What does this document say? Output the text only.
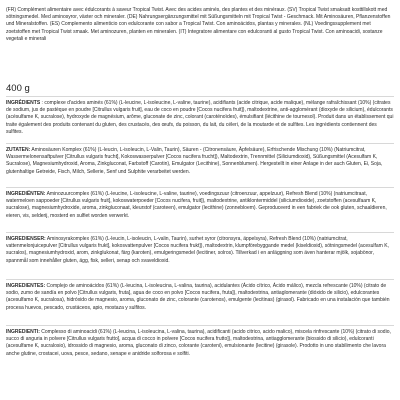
(FR) Complément alimentaire avec édulcorants à saveur Tropical Twist. Avec des acides aminés, des plantes et des minéraux. (SV) Tropical Twist smaksatt kosttillskott med sötningsmedel. Med aminosyror, växter och mineraler. (DE) Nahrungsergänzungsmittel mit Süßungsmitteln mit Tropical Twist - Geschmack. Mit Aminosäuren, Pflanzenstoffen und Mineralstoffen. (ES) Complemento alimenticio con edulcorante con sabor a Tropical Twist. Con aminoácidos, plantas y minerales. (NL) Voedingssupplement met zoetstoffen met Tropical Twist smaak. Met aminozuren, planten en mineralen. (IT) Integratore alimentare con edulcoranti al gusto Tropical Twist. Con aminoacidi, sostanze vegetali e minerali
400 g
INGRÉDIENTS : complexe d'acides aminés (61%) (L-leucine, L-isoleucine, L-valine, taurine), acidifiants (acide citrique, acide malique), mélange rafraîchissant (10%) (citrates de sodium, jus de pastèque en poudre [Citrullus vulgaris fruit], eau de coco en poudre [Cocos nucifera fruit]), maltodextrine, anti-agglomérant (dioxyde de silicium), édulcorants (acésulfame K, sucralose), hydroxyde de magnésium, arôme, gluconate de zinc, colorant (caroténoïdes), émulsifiant (lécithine de tournesol). Produit dans un établissement qui traite également des produits contenant du gluten, des crustacés, des œufs, du poisson, du lait, du céleri, de la moutarde et de sulfites. Les ingrédients contiennent des sulfites.
ZUTATEN: Aminosäuren Komplex (61%) (L-leucin, L-isoleucin, L-Valin, Taurin), Säuren - (Citronensäure, Äpfelsäure), Erfrischende Mischung (10%) (Natriumcitrat, Wassermelonensaftpulver [Citrullus vulgaris frucht], Kokoswasserpulver [Cocos nucifera frucht]), Maltodextrin, Trennmittel (Siliciumdioxid), Süßungsmittel (Acesulfam K, Sucralose), Magnesiumhydroxid, Aroma, Zinkgluconat, Farbstoff (Carotin), Emulgator (Lecithine), Sonnenblumen). Hergestellt in einer Anlage in der auch Gluten, Ei, Soja, glutenhaltige Getreide, Fisch, Milch, Sellerie, Senf und Sulphite verarbeitet werden.
INGREDIËNTEN: Aminozuurcomplex (61%) (L-leucine, L-isoleucine, L-valine, taurine), voedingszuur (citroenzuur, appelzuur), Refresh Blend (10%) (natriumcitraat, watermeloen sappoeder [Citrullus vulgaris fruit], kokoswaterpoeder [Cocos nucifera, fruit]), maltodextrine, antiklontermiddel (siliciumdioxide), zoetstoffen (acesulfaam K, sucralose), magnesiumhydroxide, aroma, zinkgluconaat, kleurstof (caroteen), emulgator (lecithine) (zonnebloem). Geproduceerd in een fabriek die ook gluten, schaaldieren, eieren, vis, selderij, mosterd en sulfiet worden verwerkt.
INGREDIENSER: Aminosyrakomplex (61%) (L-leucin, L-isoleucin, L-valin, Taurin), surhet syror (citronsyra, äppelsyra), Refresh Blend (10%) (natriumcitrat, vattenmelonjuicepulver [Citrullus vulgaris frukt], kokosvattenpulver [Cocos nucifera frukt]), maltodextrin, klumpförebyggande medel (kiseldioxid), sötningsmedel (acesulfam K, sucralos), magnesiumhydroxid, arom, zinkglukonat, färg (karoten), emulgeringsmedel (lecitiner, solros). Tillverkad i en anläggning som även hanterar mjölk, sojabönor, spannmål som innehåller gluten, ägg, fisk, selleri, senap och svaveldioxid.
INGREDIENTES: Complejo de aminoácidos (61%) (L-leucina, L-isoleucina, L-valina, taurina), acidulantes (Ácido cítrico, Ácido málico), mezcla refrescante (10%) (citrato de sodio, zumo de sandía en polvo [Citrullus vulgaris, fruta], agua de coco en polvo [Cocos nucifera, fruta]), maltodextrina, antiaglomerante (dióxido de silicio), edulcorantes (acesulfamo K, sucralosa), hidróxido de magnesio, aroma, gluconato de zinc, colorante (carotenos), emulgente (lecitinas) (girasol). Fabricado en una instalación que también procesa huevos, pescado, crustáceos, apio, mostaza y sulfitos.
INGREDIENTI: Complesso di aminoacidi (61%) (L-leucina, L-isoleucina, L-valina, taurina), acidificanti (acido citrico, acido malico), miscela rinfrescante (10%) (citrato di sodio, succo di anguria in polvere [Citrullus vulgaris frutto], acqua di cocco in polvere [Cocos nucifera frutto]), maltodestrina, antiagglomerante (biossido di silicio), edulcoranti (acesulfame K, sucralosio), idrossido di magnesio, aroma, gluconato di zinco, colorante (caroteni), emulsionante (lecitine) (girasole). Prodotto in uno stabilimento che lavora anche glutine, crostacei, uova, pesce, sedano, senape e anidride solforosa e solfiti.
